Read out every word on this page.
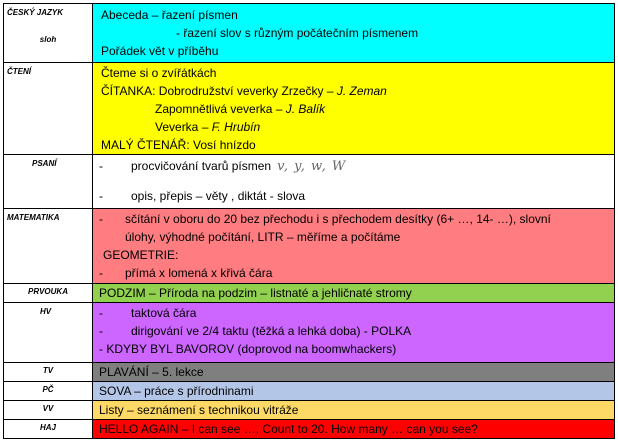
ČESKÝ JAZYK
sloh	Abeceda – řazení písmen
- řazení slov s různým počátečním písmenem
Pořádek vět v příběhu

ČTENÍ	Čteme si o zvířátkách
ČÍTANKA: Dobrodružství veverky Zrzečky – J. Zeman
Zapomnětlivá veverka – J. Balík
Veverka – F. Hrubín
MALÝ ČTENÁŘ: Vosí hnízdo

PSANÍ	- procvičování tvarů písmen v, y, w, W
- opis, přepis – věty , diktát - slova

MATEMATIKA	- sčítání v oboru do 20 bez přechodu i s přechodem desítky (6+ …, 14- …), slovní
úlohy, výhodné počítání, LITR – měříme a počítáme
GEOMETRIE:
- přímá x lomená x křivá čára

PRVOUKA	PODZIM – Příroda na podzim – listnaté a jehličnaté stromy

HV	- taktová čára
- dirigování ve 2/4 taktu (těžká a lehká doba) - POLKA
- KDYBY BYL BAVOROV (doprovod na boomwhackers)

TV	PLAVÁNÍ – 5. lekce

PČ	SOVA – práce s přírodninami

VV	Listy – seznámení s technikou vitráže

HAJ	HELLO AGAIN – I can see …, Count to 20. How many … can you see?
